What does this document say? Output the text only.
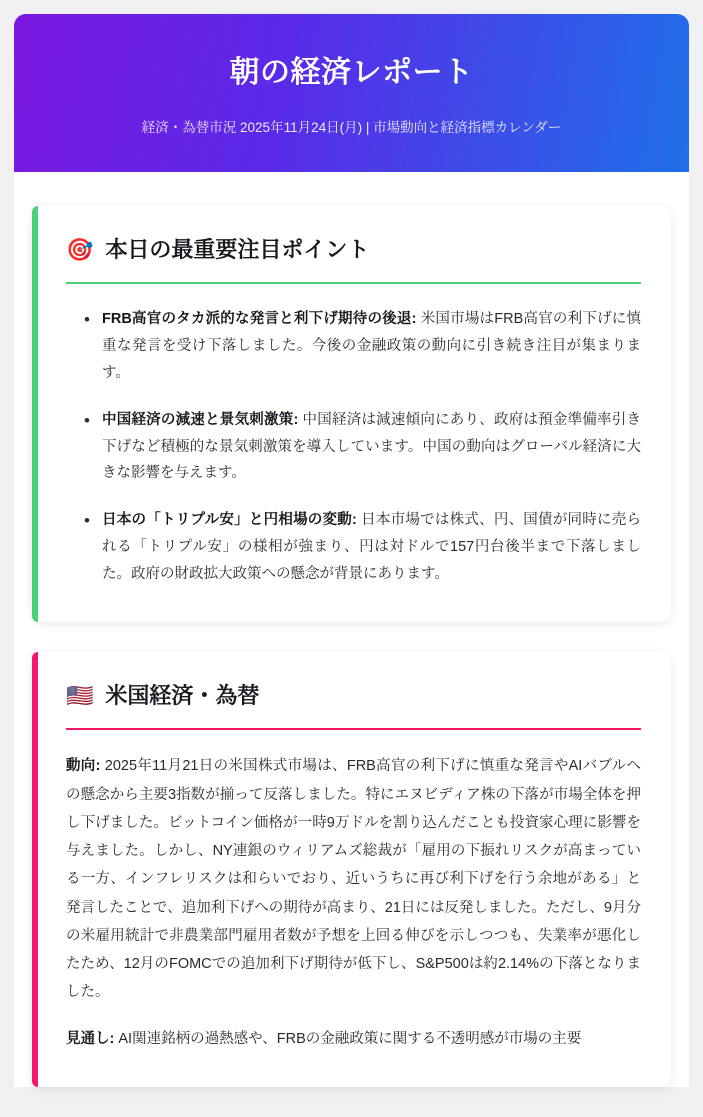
朝の経済レポート

経済・為替市況 2025年11月24日(月) | 市場動向と経済指標カレンダー

🎯 本日の最重要注目ポイント
• FRB高官のタカ派的な発言と利下げ期待の後退: 米国市場はFRB高官の利下げに慎重な発言を受け下落しました。今後の金融政策の動向に引き続き注目が集まります。
• 中国経済の減速と景気刺激策: 中国経済は減速傾向にあり、政府は預金準備率引き下げなど積極的な景気刺激策を導入しています。中国の動向はグローバル経済に大きな影響を与えます。
• 日本の「トリプル安」と円相場の変動: 日本市場では株式、円、国債が同時に売られる「トリプル安」の様相が強まり、円は対ドルで157円台後半まで下落しました。政府の財政拡大政策への懸念が背景にあります。
🇺🇸 米国経済・為替

動向: 2025年11月21日の米国株式市場は、FRB高官の利下げに慎重な発言やAIバブルへの懸念から主要3指数が揃って反落しました。特にエヌビディア株の下落が市場全体を押し下げました。ビットコイン価格が一時9万ドルを割り込んだことも投資家心理に影響を与えました。しかし、NY連銀のウィリアムズ総裁が「雇用の下振れリスクが高まっている一方、インフレリスクは和らいでおり、近いうちに再び利下げを行う余地がある」と発言したことで、追加利下げへの期待が高まり、21日には反発しました。ただし、9月分の米雇用統計で非農業部門雇用者数が予想を上回る伸びを示しつつも、失業率が悪化したため、12月のFOMCでの追加利下げ期待が低下し、S&P500は約2.14%の下落となりました。

見通し: AI関連銘柄の過熱感や、FRBの金融政策に関する不透明感が市場の主要
